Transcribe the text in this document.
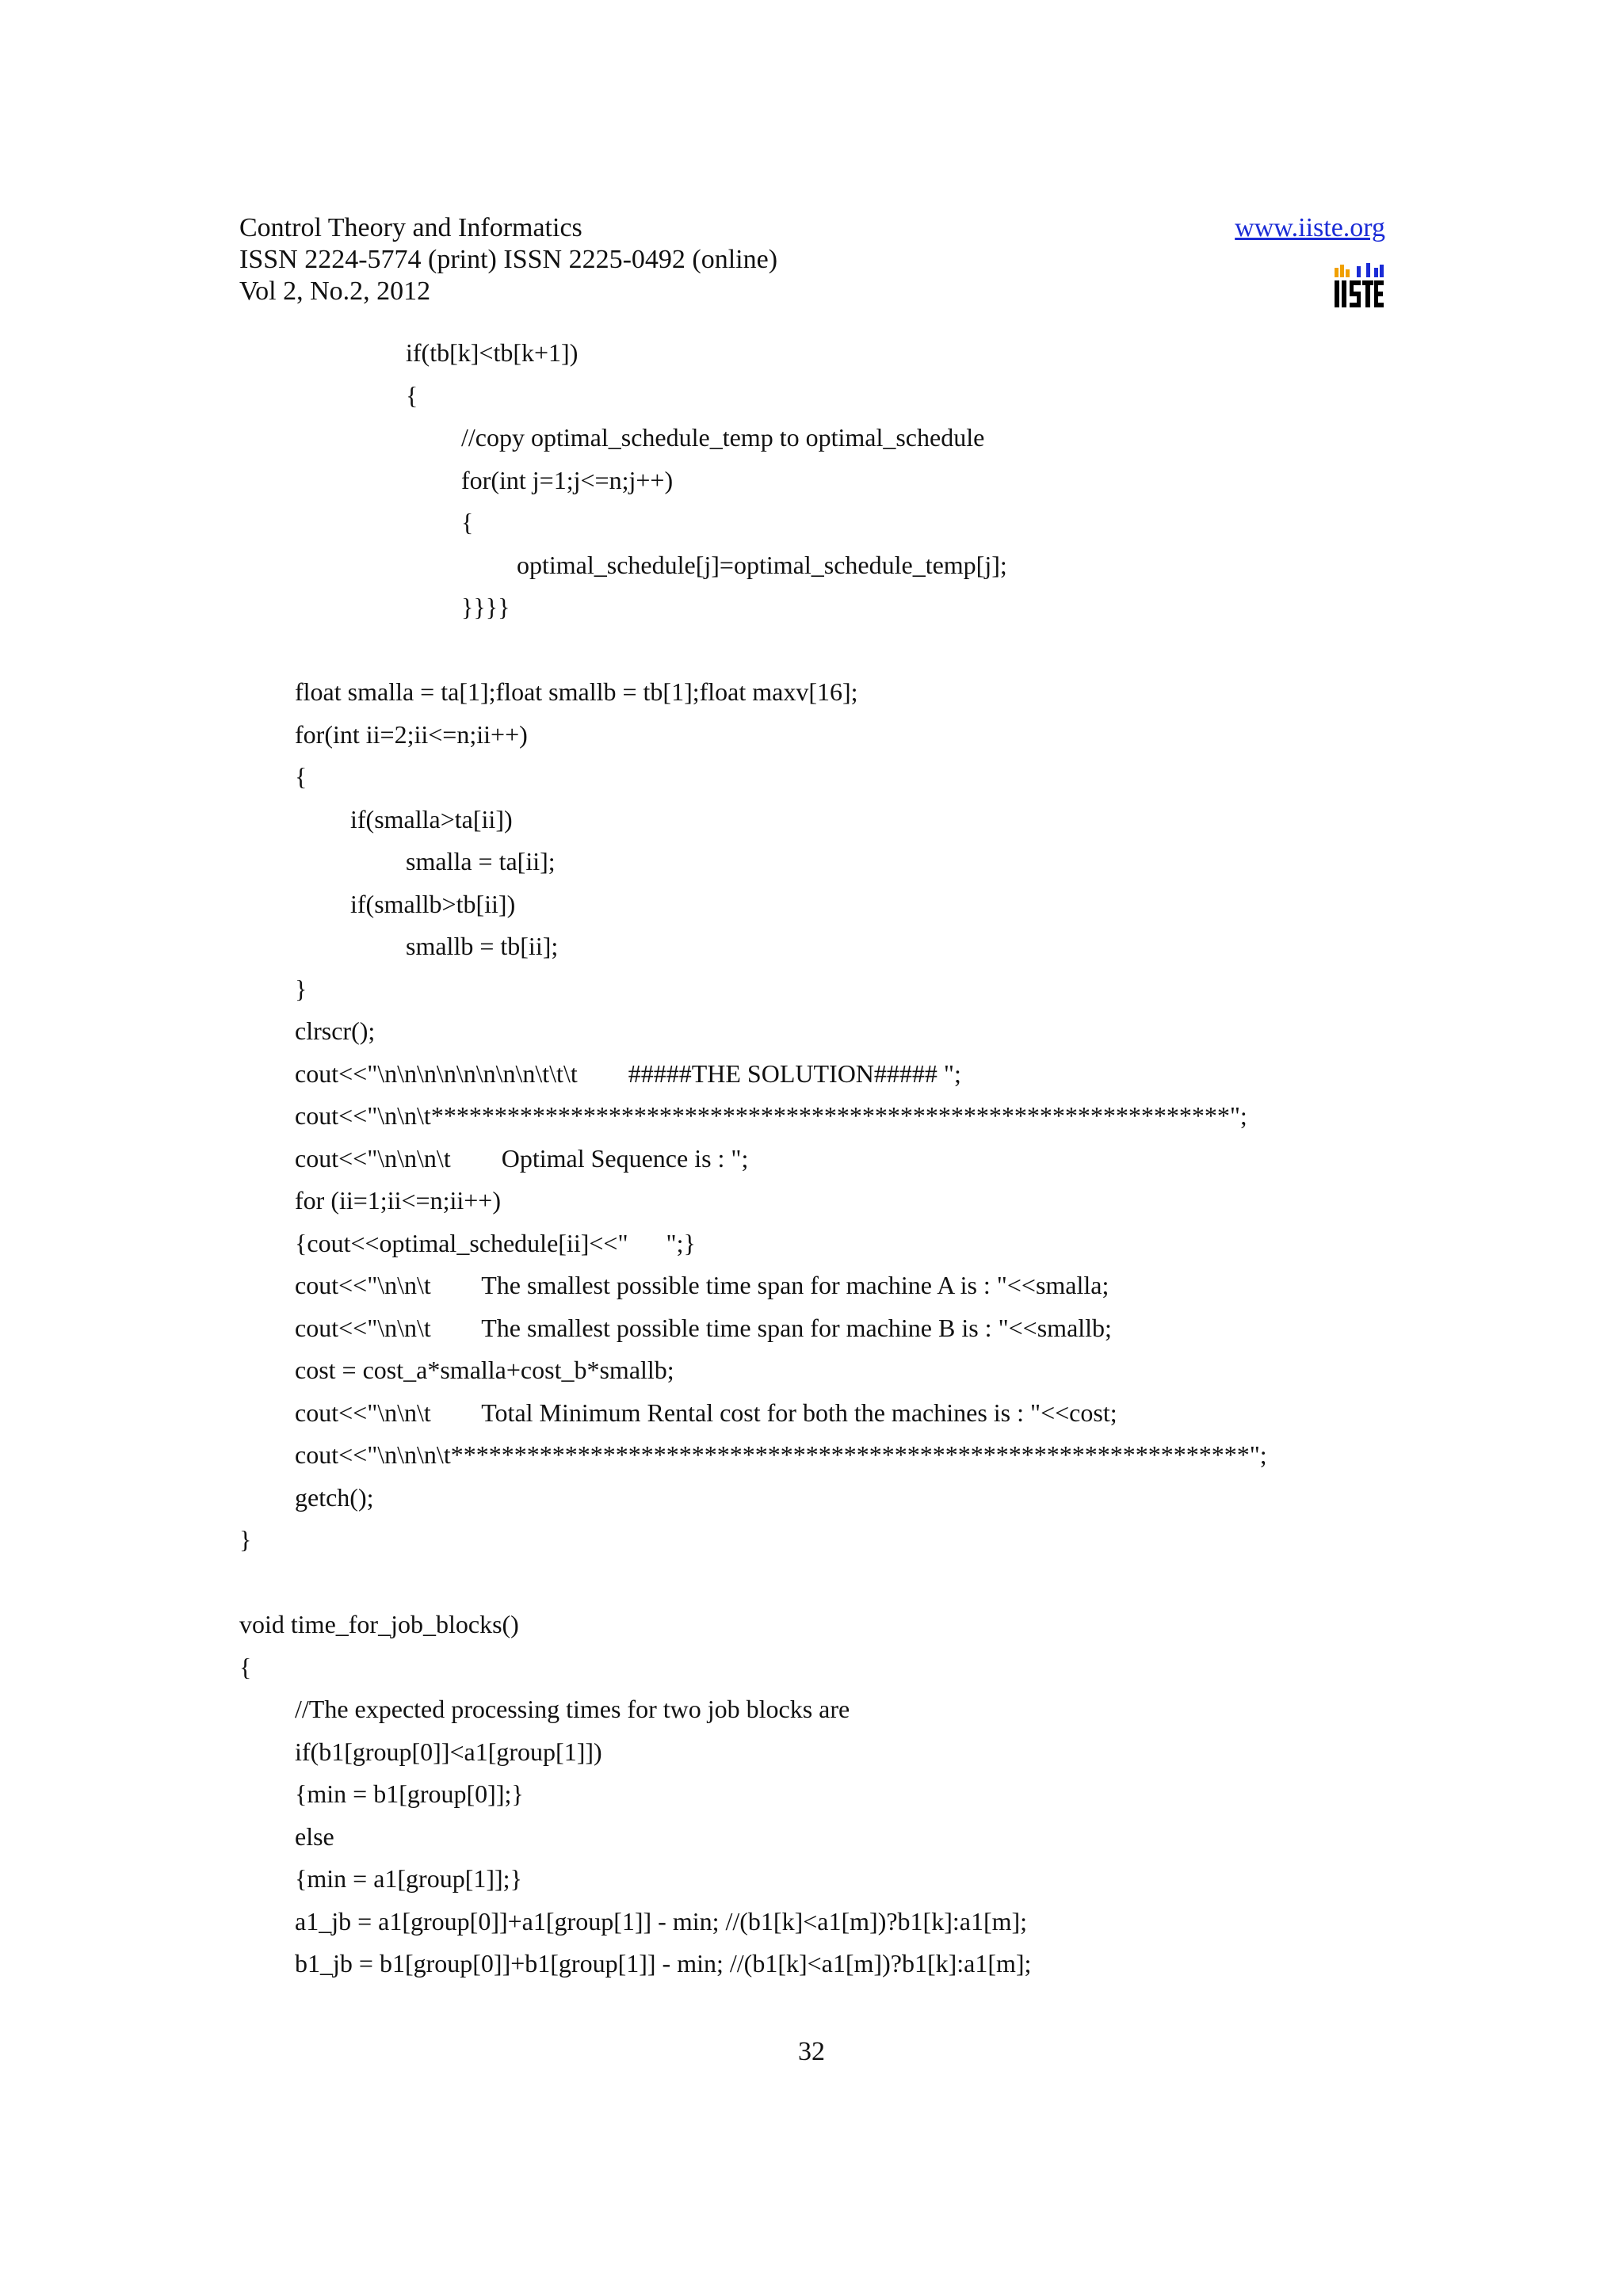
Control Theory and Informatics
ISSN 2224-5774 (print) ISSN 2225-0492 (online)
Vol 2, No.2, 2012
www.iiste.org
if(tb[k]<tb[k+1])
{
//copy optimal_schedule_temp to optimal_schedule
for(int j=1;j<=n;j++)
{
optimal_schedule[j]=optimal_schedule_temp[j];
}}}}
float smalla = ta[1];float smallb = tb[1];float maxv[16];
for(int ii=2;ii<=n;ii++)
{
if(smalla>ta[ii])
smalla = ta[ii];
if(smallb>tb[ii])
smallb = tb[ii];
}
clrscr();
cout<<"\n\n\n\n\n\n\n\n\t\t\t        #####THE SOLUTION##### ";
cout<<"\n\n\t***************************************************************";
cout<<"\n\n\n\t        Optimal Sequence is : ";
for (ii=1;ii<=n;ii++)
{cout<<optimal_schedule[ii]<<"      ";}
cout<<"\n\n\t        The smallest possible time span for machine A is : "<<smalla;
cout<<"\n\n\t        The smallest possible time span for machine B is : "<<smallb;
cost = cost_a*smalla+cost_b*smallb;
cout<<"\n\n\t        Total Minimum Rental cost for both the machines is : "<<cost;
cout<<"\n\n\n\t***************************************************************";
getch();
}
void time_for_job_blocks()
{
//The expected processing times for two job blocks are
if(b1[group[0]]<a1[group[1]])
{min = b1[group[0]];}
else
{min = a1[group[1]];}
a1_jb = a1[group[0]]+a1[group[1]] - min; //(b1[k]<a1[m])?b1[k]:a1[m];
b1_jb = b1[group[0]]+b1[group[1]] - min; //(b1[k]<a1[m])?b1[k]:a1[m];
32
